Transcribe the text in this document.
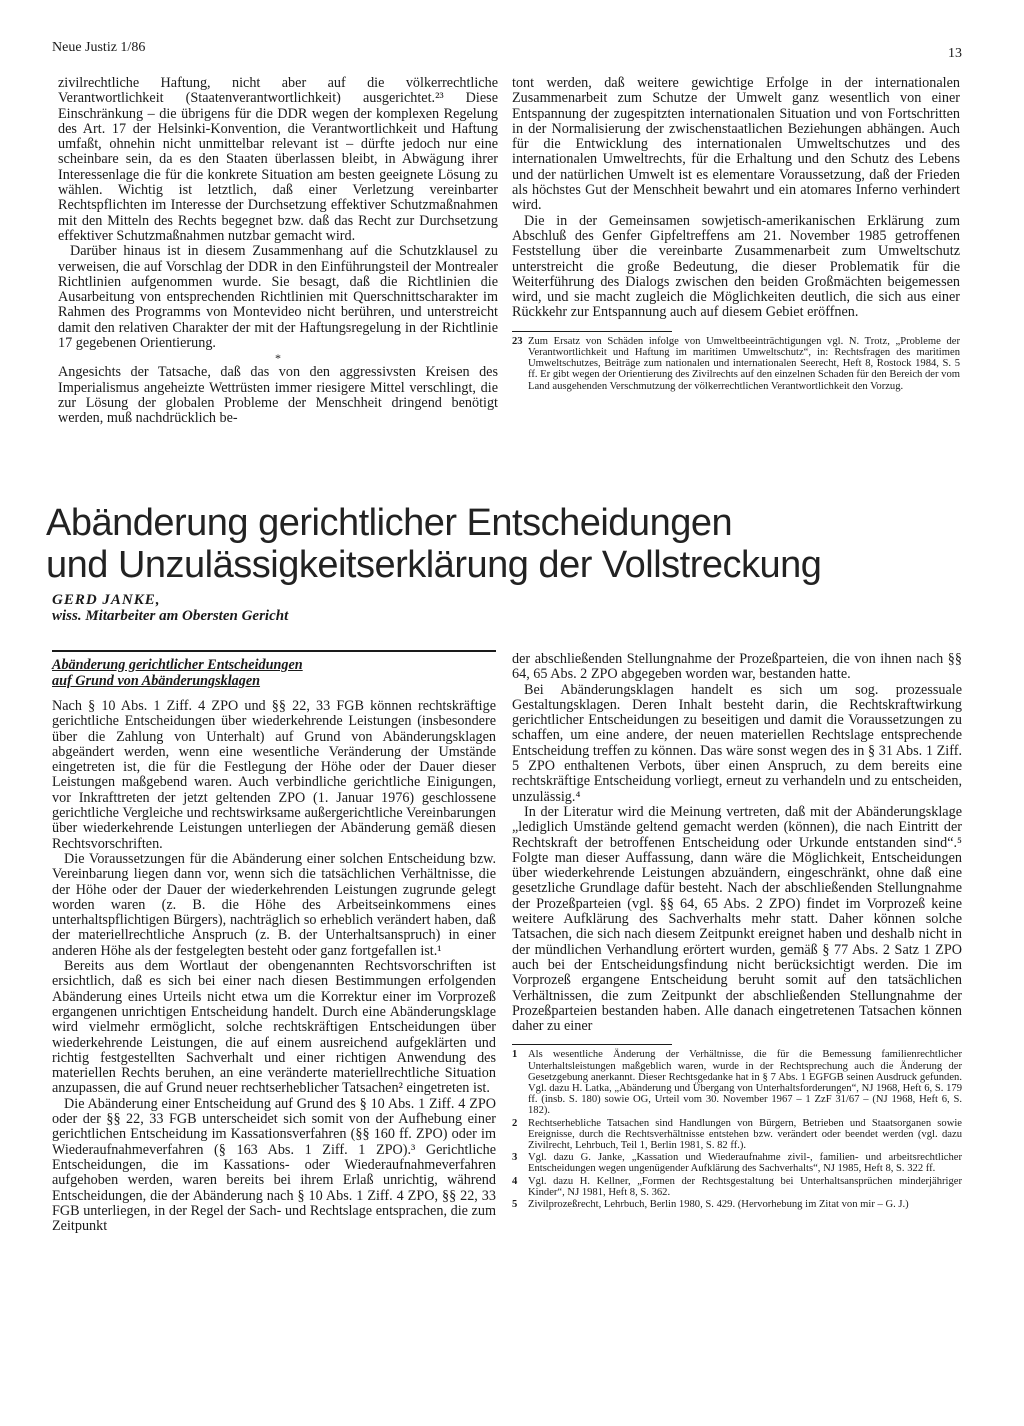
Neue Justiz 1/86	13

zivilrechtliche Haftung, nicht aber auf die völkerrechtliche Verantwortlichkeit (Staatenverantwortlichkeit) ausgerichtet.²³ Diese Einschränkung – die übrigens für die DDR wegen der komplexen Regelung des Art. 17 der Helsinki-Konvention, die Verantwortlichkeit und Haftung umfaßt, ohnehin nicht unmittelbar relevant ist – dürfte jedoch nur eine scheinbare sein, da es den Staaten überlassen bleibt, in Abwägung ihrer Interessenlage die für die konkrete Situation am besten geeignete Lösung zu wählen. Wichtig ist letztlich, daß einer Verletzung vereinbarter Rechtspflichten im Interesse der Durchsetzung effektiver Schutzmaßnahmen mit den Mitteln des Rechts begegnet bzw. daß das Recht zur Durchsetzung effektiver Schutzmaßnahmen nutzbar gemacht wird.

Darüber hinaus ist in diesem Zusammenhang auf die Schutzklausel zu verweisen, die auf Vorschlag der DDR in den Einführungsteil der Montrealer Richtlinien aufgenommen wurde. Sie besagt, daß die Richtlinien die Ausarbeitung von entsprechenden Richtlinien mit Querschnittscharakter im Rahmen des Programms von Montevideo nicht berühren, und unterstreicht damit den relativen Charakter der mit der Haftungsregelung in der Richtlinie 17 gegebenen Orientierung.

*

Angesichts der Tatsache, daß das von den aggressivsten Kreisen des Imperialismus angeheizte Wettrüsten immer riesigere Mittel verschlingt, die zur Lösung der globalen Probleme der Menschheit dringend benötigt werden, muß nachdrücklich be-

tont werden, daß weitere gewichtige Erfolge in der internationalen Zusammenarbeit zum Schutze der Umwelt ganz wesentlich von einer Entspannung der zugespitzten internationalen Situation und von Fortschritten in der Normalisierung der zwischenstaatlichen Beziehungen abhängen. Auch für die Entwicklung des internationalen Umweltschutzes und des internationalen Umweltrechts, für die Erhaltung und den Schutz des Lebens und der natürlichen Umwelt ist es elementare Voraussetzung, daß der Frieden als höchstes Gut der Menschheit bewahrt und ein atomares Inferno verhindert wird.

Die in der Gemeinsamen sowjetisch-amerikanischen Erklärung zum Abschluß des Genfer Gipfeltreffens am 21. November 1985 getroffenen Feststellung über die vereinbarte Zusammenarbeit zum Umweltschutz unterstreicht die große Bedeutung, die dieser Problematik für die Weiterführung des Dialogs zwischen den beiden Großmächten beigemessen wird, und sie macht zugleich die Möglichkeiten deutlich, die sich aus einer Rückkehr zur Entspannung auch auf diesem Gebiet eröffnen.

23 Zum Ersatz von Schäden infolge von Umweltbeeinträchtigungen vgl. N. Trotz, „Probleme der Verantwortlichkeit und Haftung im maritimen Umweltschutz“, in: Rechtsfragen des maritimen Umweltschutzes, Beiträge zum nationalen und internationalen Seerecht, Heft 8, Rostock 1984, S. 5 ff. Er gibt wegen der Orientierung des Zivilrechts auf den einzelnen Schaden für den Bereich der vom Land ausgehenden Verschmutzung der völkerrechtlichen Verantwortlichkeit den Vorzug.
Abänderung gerichtlicher Entscheidungen
und Unzulässigkeitserklärung der Vollstreckung
GERD JANKE,
wiss. Mitarbeiter am Obersten Gericht
Abänderung gerichtlicher Entscheidungen
auf Grund von Abänderungsklagen

Nach § 10 Abs. 1 Ziff. 4 ZPO und §§ 22, 33 FGB können rechtskräftige gerichtliche Entscheidungen über wiederkehrende Leistungen (insbesondere über die Zahlung von Unterhalt) auf Grund von Abänderungsklagen abgeändert werden, wenn eine wesentliche Veränderung der Umstände eingetreten ist, die für die Festlegung der Höhe oder der Dauer dieser Leistungen maßgebend waren. Auch verbindliche gerichtliche Einigungen, vor Inkrafttreten der jetzt geltenden ZPO (1. Januar 1976) geschlossene gerichtliche Vergleiche und rechtswirksame außergerichtliche Vereinbarungen über wiederkehrende Leistungen unterliegen der Abänderung gemäß diesen Rechtsvorschriften.

Die Voraussetzungen für die Abänderung einer solchen Entscheidung bzw. Vereinbarung liegen dann vor, wenn sich die tatsächlichen Verhältnisse, die der Höhe oder der Dauer der wiederkehrenden Leistungen zugrunde gelegt worden waren (z. B. die Höhe des Arbeitseinkommens eines unterhaltspflichtigen Bürgers), nachträglich so erheblich verändert haben, daß der materiellrechtliche Anspruch (z. B. der Unterhaltsanspruch) in einer anderen Höhe als der festgelegten besteht oder ganz fortgefallen ist.¹

Bereits aus dem Wortlaut der obengenannten Rechtsvorschriften ist ersichtlich, daß es sich bei einer nach diesen Bestimmungen erfolgenden Abänderung eines Urteils nicht etwa um die Korrektur einer im Vorprozeß ergangenen unrichtigen Entscheidung handelt. Durch eine Abänderungsklage wird vielmehr ermöglicht, solche rechtskräftigen Entscheidungen über wiederkehrende Leistungen, die auf einem ausreichend aufgeklärten und richtig festgestellten Sachverhalt und einer richtigen Anwendung des materiellen Rechts beruhen, an eine veränderte materiellrechtliche Situation anzupassen, die auf Grund neuer rechtserheblicher Tatsachen² eingetreten ist.

Die Abänderung einer Entscheidung auf Grund des § 10 Abs. 1 Ziff. 4 ZPO oder der §§ 22, 33 FGB unterscheidet sich somit von der Aufhebung einer gerichtlichen Entscheidung im Kassationsverfahren (§§ 160 ff. ZPO) oder im Wiederaufnahmeverfahren (§ 163 Abs. 1 Ziff. 1 ZPO).³ Gerichtliche Entscheidungen, die im Kassations- oder Wiederaufnahmeverfahren aufgehoben werden, waren bereits bei ihrem Erlaß unrichtig, während Entscheidungen, die der Abänderung nach § 10 Abs. 1 Ziff. 4 ZPO, §§ 22, 33 FGB unterliegen, in der Regel der Sach- und Rechtslage entsprachen, die zum Zeitpunkt

der abschließenden Stellungnahme der Prozeßparteien, die von ihnen nach §§ 64, 65 Abs. 2 ZPO abgegeben worden war, bestanden hatte.

Bei Abänderungsklagen handelt es sich um sog. prozessuale Gestaltungsklagen. Deren Inhalt besteht darin, die Rechtskraftwirkung gerichtlicher Entscheidungen zu beseitigen und damit die Voraussetzungen zu schaffen, um eine andere, der neuen materiellen Rechtslage entsprechende Entscheidung treffen zu können. Das wäre sonst wegen des in § 31 Abs. 1 Ziff. 5 ZPO enthaltenen Verbots, über einen Anspruch, zu dem bereits eine rechtskräftige Entscheidung vorliegt, erneut zu verhandeln und zu entscheiden, unzulässig.⁴

In der Literatur wird die Meinung vertreten, daß mit der Abänderungsklage „lediglich Umstände geltend gemacht werden (können), die nach Eintritt der Rechtskraft der betroffenen Entscheidung oder Urkunde entstanden sind“.⁵ Folgte man dieser Auffassung, dann wäre die Möglichkeit, Entscheidungen über wiederkehrende Leistungen abzuändern, eingeschränkt, ohne daß eine gesetzliche Grundlage dafür besteht. Nach der abschließenden Stellungnahme der Prozeßparteien (vgl. §§ 64, 65 Abs. 2 ZPO) findet im Vorprozeß keine weitere Aufklärung des Sachverhalts mehr statt. Daher können solche Tatsachen, die sich nach diesem Zeitpunkt ereignet haben und deshalb nicht in der mündlichen Verhandlung erörtert wurden, gemäß § 77 Abs. 2 Satz 1 ZPO auch bei der Entscheidungsfindung nicht berücksichtigt werden. Die im Vorprozeß ergangene Entscheidung beruht somit auf den tatsächlichen Verhältnissen, die zum Zeitpunkt der abschließenden Stellungnahme der Prozeßparteien bestanden haben. Alle danach eingetretenen Tatsachen können daher zu einer

1	Als wesentliche Änderung der Verhältnisse, die für die Bemessung familienrechtlicher Unterhaltsleistungen maßgeblich waren, wurde in der Rechtsprechung auch die Änderung der Gesetzgebung anerkannt. Dieser Rechtsgedanke hat in § 7 Abs. 1 EGFGB seinen Ausdruck gefunden. Vgl. dazu H. Latka, „Abänderung und Übergang von Unterhaltsforderungen“, NJ 1968, Heft 6, S. 179 ff. (insb. S. 180) sowie OG, Urteil vom 30. November 1967 – 1 ZzF 31/67 – (NJ 1968, Heft 6, S. 182).
2	Rechtserhebliche Tatsachen sind Handlungen von Bürgern, Betrieben und Staatsorganen sowie Ereignisse, durch die Rechtsverhältnisse entstehen bzw. verändert oder beendet werden (vgl. dazu Zivilrecht, Lehrbuch, Teil 1, Berlin 1981, S. 82 ff.).
3	Vgl. dazu G. Janke, „Kassation und Wiederaufnahme zivil-, familien- und arbeitsrechtlicher Entscheidungen wegen ungenügender Aufklärung des Sachverhalts“, NJ 1985, Heft 8, S. 322 ff.
4	Vgl. dazu H. Kellner, „Formen der Rechtsgestaltung bei Unterhaltsansprüchen minderjähriger Kinder“, NJ 1981, Heft 8, S. 362.
5	Zivilprozeßrecht, Lehrbuch, Berlin 1980, S. 429. (Hervorhebung im Zitat von mir – G. J.)
